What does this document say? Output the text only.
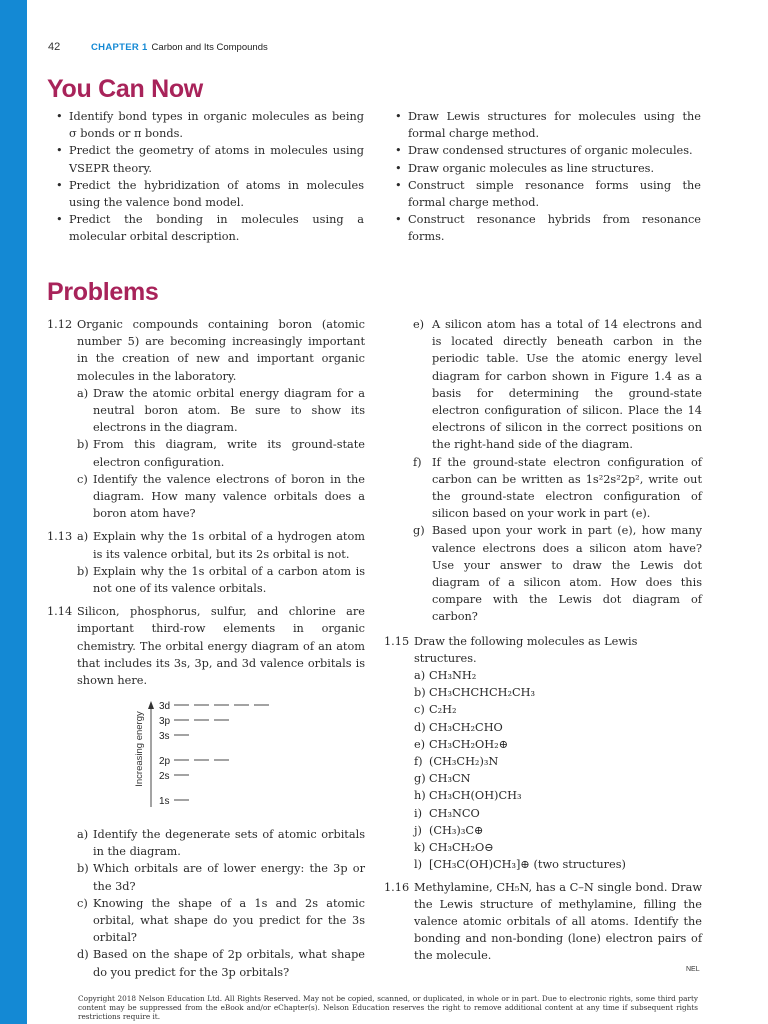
42	CHAPTER 1 Carbon and Its Compounds
You Can Now
• Identify bond types in organic molecules as being σ bonds or π bonds.
• Predict the geometry of atoms in molecules using VSEPR theory.
• Predict the hybridization of atoms in molecules using the valence bond model.
• Predict the bonding in molecules using a molecular orbital description.
• Draw Lewis structures for molecules using the formal charge method.
• Draw condensed structures of organic molecules.
• Draw organic molecules as line structures.
• Construct simple resonance forms using the formal charge method.
• Construct resonance hybrids from resonance forms.
Problems
1.12 Organic compounds containing boron (atomic number 5) are becoming increasingly important in the creation of new and important organic molecules in the laboratory.
a) Draw the atomic orbital energy diagram for a neutral boron atom. Be sure to show its electrons in the diagram.
b) From this diagram, write its ground-state electron configuration.
c) Identify the valence electrons of boron in the diagram. How many valence orbitals does a boron atom have?
1.13 a) Explain why the 1s orbital of a hydrogen atom is its valence orbital, but its 2s orbital is not.
b) Explain why the 1s orbital of a carbon atom is not one of its valence orbitals.
1.14 Silicon, phosphorus, sulfur, and chlorine are important third-row elements in organic chemistry. The orbital energy diagram of an atom that includes its 3s, 3p, and 3d valence orbitals is shown here.
Increasing energy
3d
3p
3s
2p
2s
1s
a) Identify the degenerate sets of atomic orbitals in the diagram.
b) Which orbitals are of lower energy: the 3p or the 3d?
c) Knowing the shape of a 1s and 2s atomic orbital, what shape do you predict for the 3s orbital?
d) Based on the shape of 2p orbitals, what shape do you predict for the 3p orbitals?
e) A silicon atom has a total of 14 electrons and is located directly beneath carbon in the periodic table. Use the atomic energy level diagram for carbon shown in Figure 1.4 as a basis for determining the ground-state electron configuration of silicon. Place the 14 electrons of silicon in the correct positions on the right-hand side of the diagram.
f) If the ground-state electron configuration of carbon can be written as 1s²2s²2p², write out the ground-state electron configuration of silicon based on your work in part (e).
g) Based upon your work in part (e), how many valence electrons does a silicon atom have? Use your answer to draw the Lewis dot diagram of a silicon atom. How does this compare with the Lewis dot diagram of carbon?
1.15 Draw the following molecules as Lewis structures.
a) CH₃NH₂
b) CH₃CHCHCH₂CH₃
c) C₂H₂
d) CH₃CH₂CHO
e) CH₃CH₂OH₂⊕
f) (CH₃CH₂)₃N
g) CH₃CN
h) CH₃CH(OH)CH₃
i) CH₃NCO
j) (CH₃)₃C⊕
k) CH₃CH₂O⊖
l) [CH₃C(OH)CH₃]⊕ (two structures)
1.16 Methylamine, CH₅N, has a C–N single bond. Draw the Lewis structure of methylamine, filling the valence atomic orbitals of all atoms. Identify the bonding and non-bonding (lone) electron pairs of the molecule.
NEL
Copyright 2018 Nelson Education Ltd. All Rights Reserved. May not be copied, scanned, or duplicated, in whole or in part. Due to electronic rights, some third party content may be suppressed from the eBook and/or eChapter(s). Nelson Education reserves the right to remove additional content at any time if subsequent rights restrictions require it.
